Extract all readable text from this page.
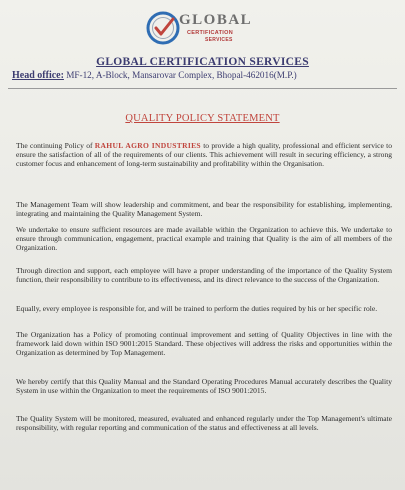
GLOBAL
CERTIFICATION
SERVICES
GLOBAL CERTIFICATION SERVICES
Head office: MF-12, A-Block, Mansarovar Complex, Bhopal-462016(M.P.)
QUALITY POLICY STATEMENT
The continuing Policy of RAHUL AGRO INDUSTRIES to provide a high quality, professional and efficient service to ensure the satisfaction of all of the requirements of our clients. This achievement will result in securing efficiency, a strong customer focus and enhancement of long-term sustainability and profitability within the Organisation.
The Management Team will show leadership and commitment, and bear the responsibility for establishing, implementing, integrating and maintaining the Quality Management System.
We undertake to ensure sufficient resources are made available within the Organization to achieve this. We undertake to ensure through communication, engagement, practical example and training that Quality is the aim of all members of the Organization.
Through direction and support, each employee will have a proper understanding of the importance of the Quality System function, their responsibility to contribute to its effectiveness, and its direct relevance to the success of the Organization.
Equally, every employee is responsible for, and will be trained to perform the duties required by his or her specific role.
The Organization has a Policy of promoting continual improvement and setting of Quality Objectives in line with the framework laid down within ISO 9001:2015 Standard. These objectives will address the risks and opportunities within the Organization as determined by Top Management.
We hereby certify that this Quality Manual and the Standard Operating Procedures Manual accurately describes the Quality System in use within the Organization to meet the requirements of ISO 9001:2015.
The Quality System will be monitored, measured, evaluated and enhanced regularly under the Top Management's ultimate responsibility, with regular reporting and communication of the status and effectiveness at all levels.
